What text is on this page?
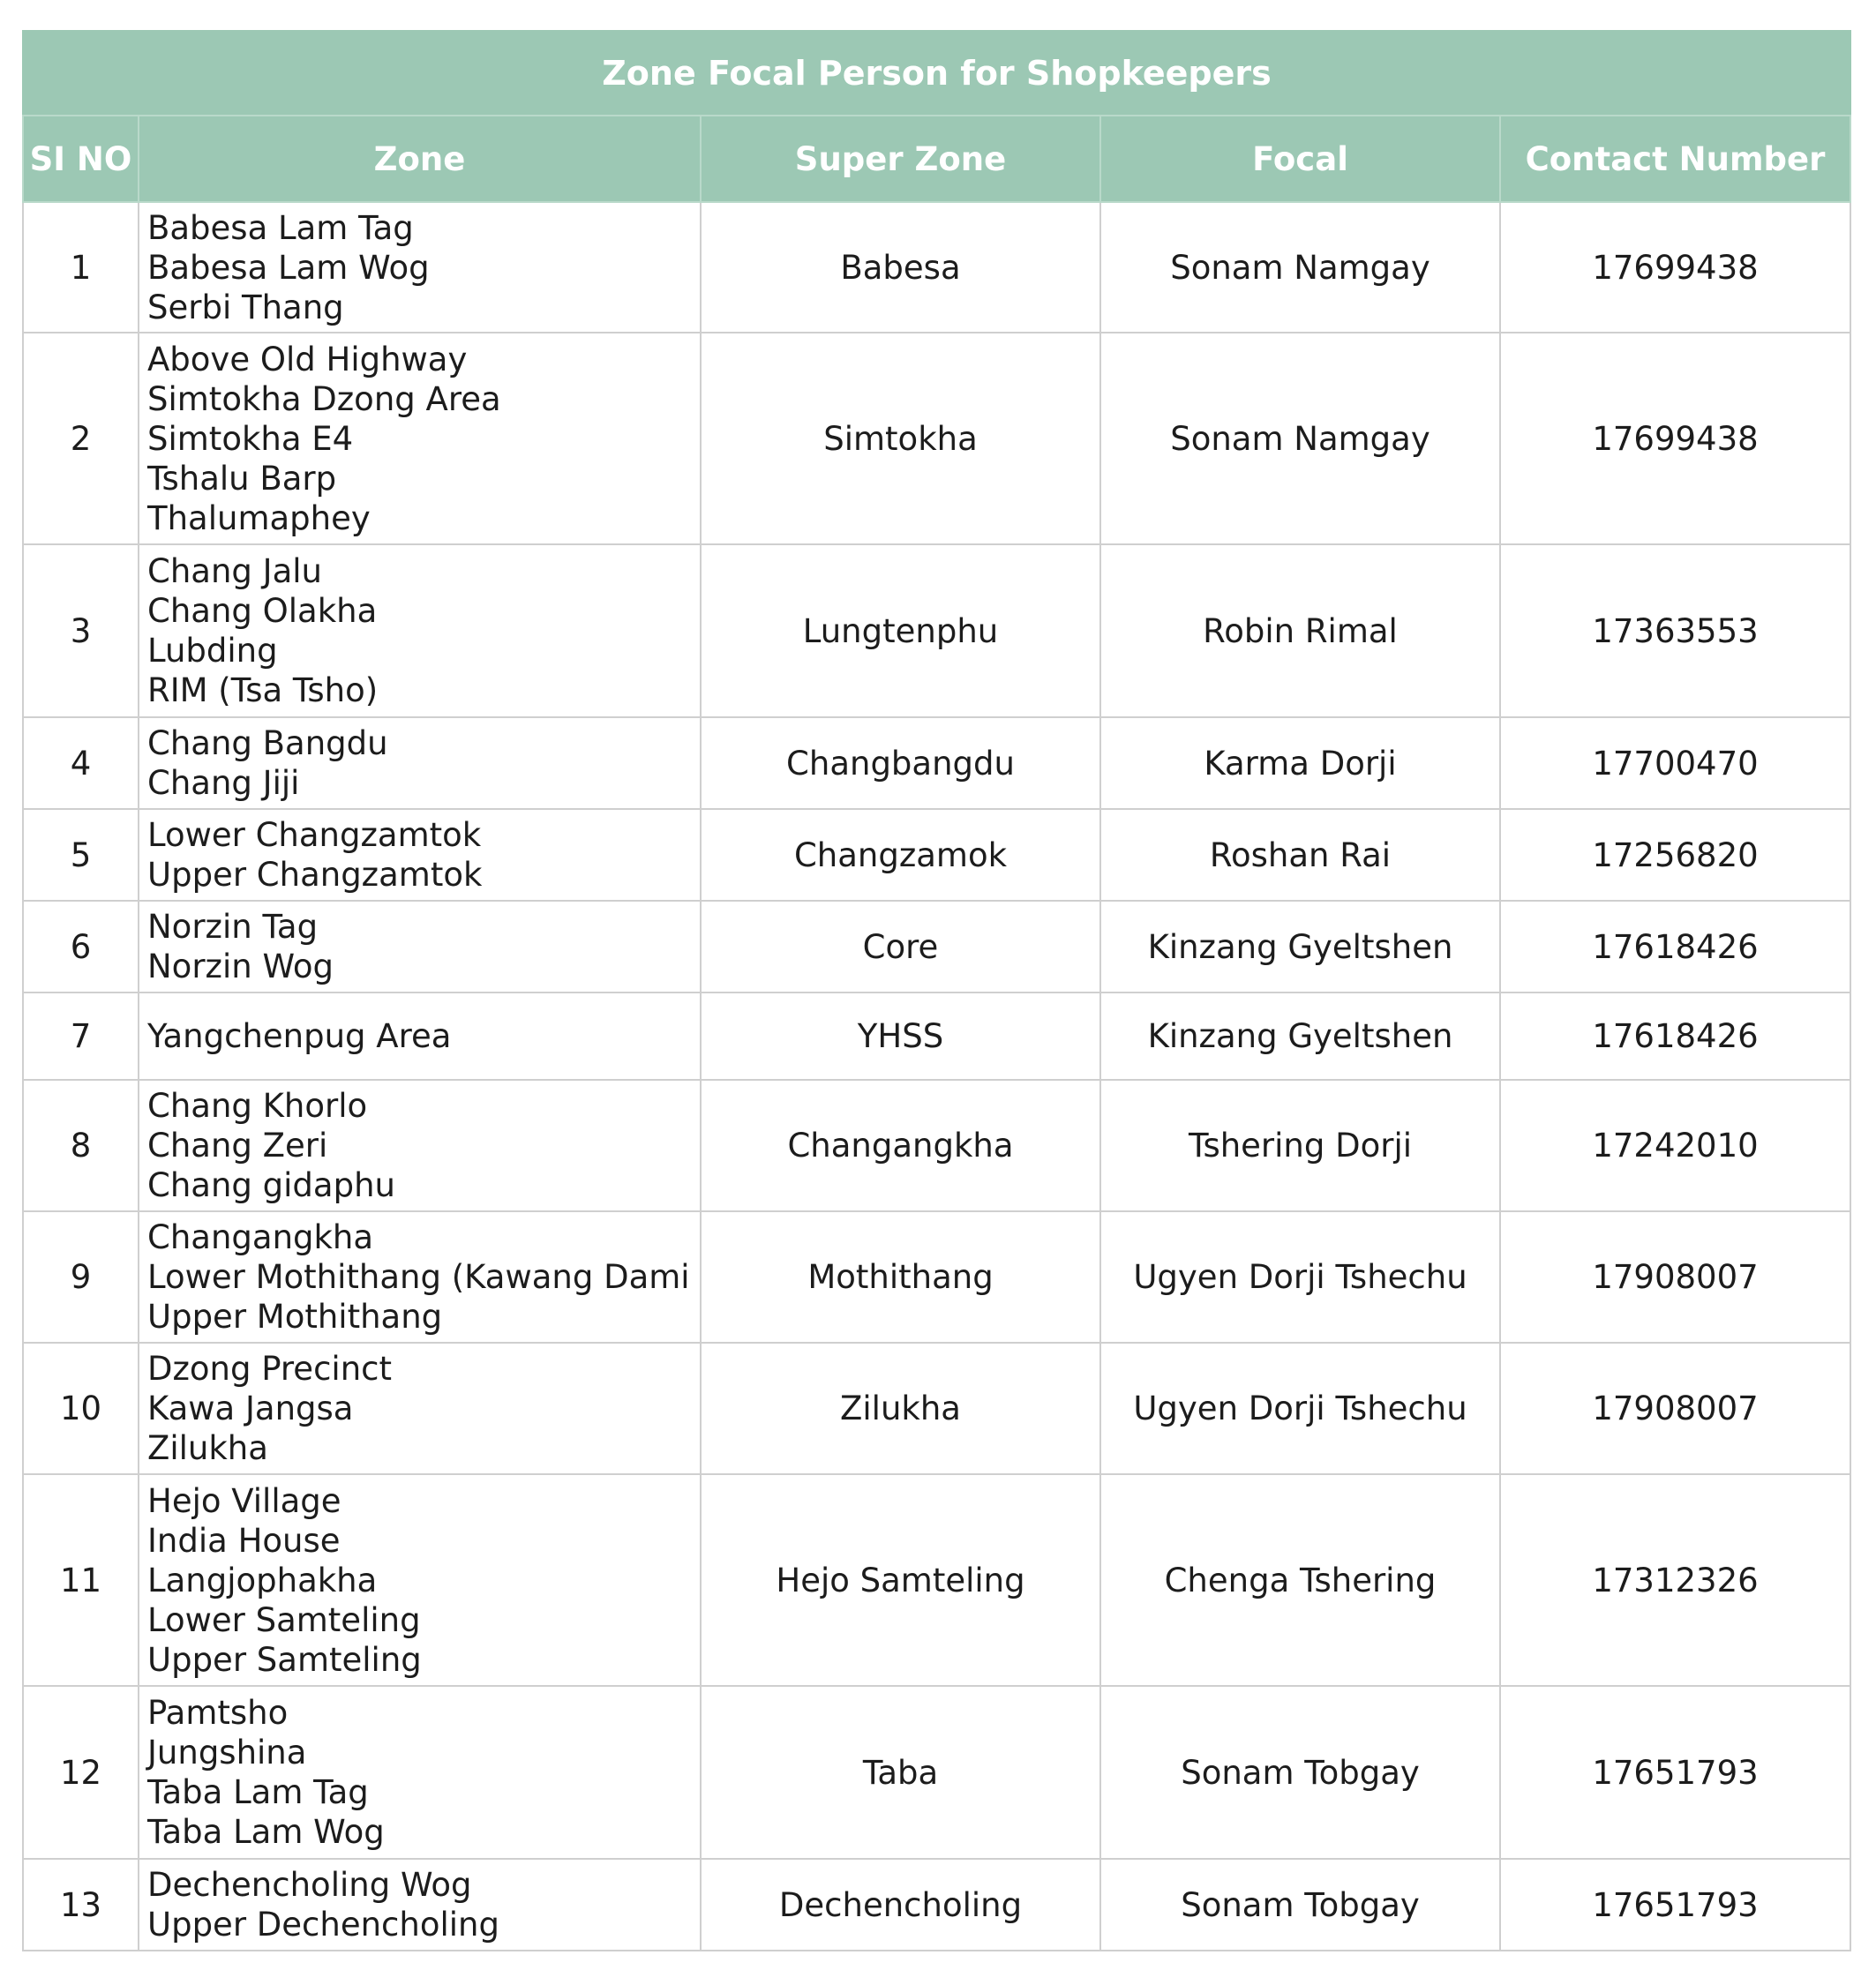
Zone Focal Person for Shopkeepers				
SI NO	Zone	Super Zone	Focal	Contact Number
1	Babesa Lam Tag
Babesa Lam Wog
Serbi Thang	Babesa	Sonam Namgay	17699438
2	Above Old Highway
Simtokha Dzong Area
Simtokha E4
Tshalu Barp
Thalumaphey	Simtokha	Sonam Namgay	17699438
3	Chang Jalu
Chang Olakha
Lubding
RIM (Tsa Tsho)	Lungtenphu	Robin Rimal	17363553
4	Chang Bangdu
Chang Jiji	Changbangdu	Karma Dorji	17700470
5	Lower Changzamtok
Upper Changzamtok	Changzamok	Roshan Rai	17256820
6	Norzin Tag
Norzin Wog	Core	Kinzang Gyeltshen	17618426
7	Yangchenpug Area	YHSS	Kinzang Gyeltshen	17618426
8	Chang Khorlo
Chang Zeri
Chang gidaphu	Changangkha	Tshering Dorji	17242010
9	Changangkha
Lower Mothithang (Kawang Dami
Upper Mothithang	Mothithang	Ugyen Dorji Tshechu	17908007
10	Dzong Precinct
Kawa Jangsa
Zilukha	Zilukha	Ugyen Dorji Tshechu	17908007
11	Hejo Village
India House
Langjophakha
Lower Samteling
Upper Samteling	Hejo Samteling	Chenga Tshering	17312326
12	Pamtsho
Jungshina
Taba Lam Tag
Taba Lam Wog	Taba	Sonam Tobgay	17651793
13	Dechencholing Wog
Upper Dechencholing	Dechencholing	Sonam Tobgay	17651793
